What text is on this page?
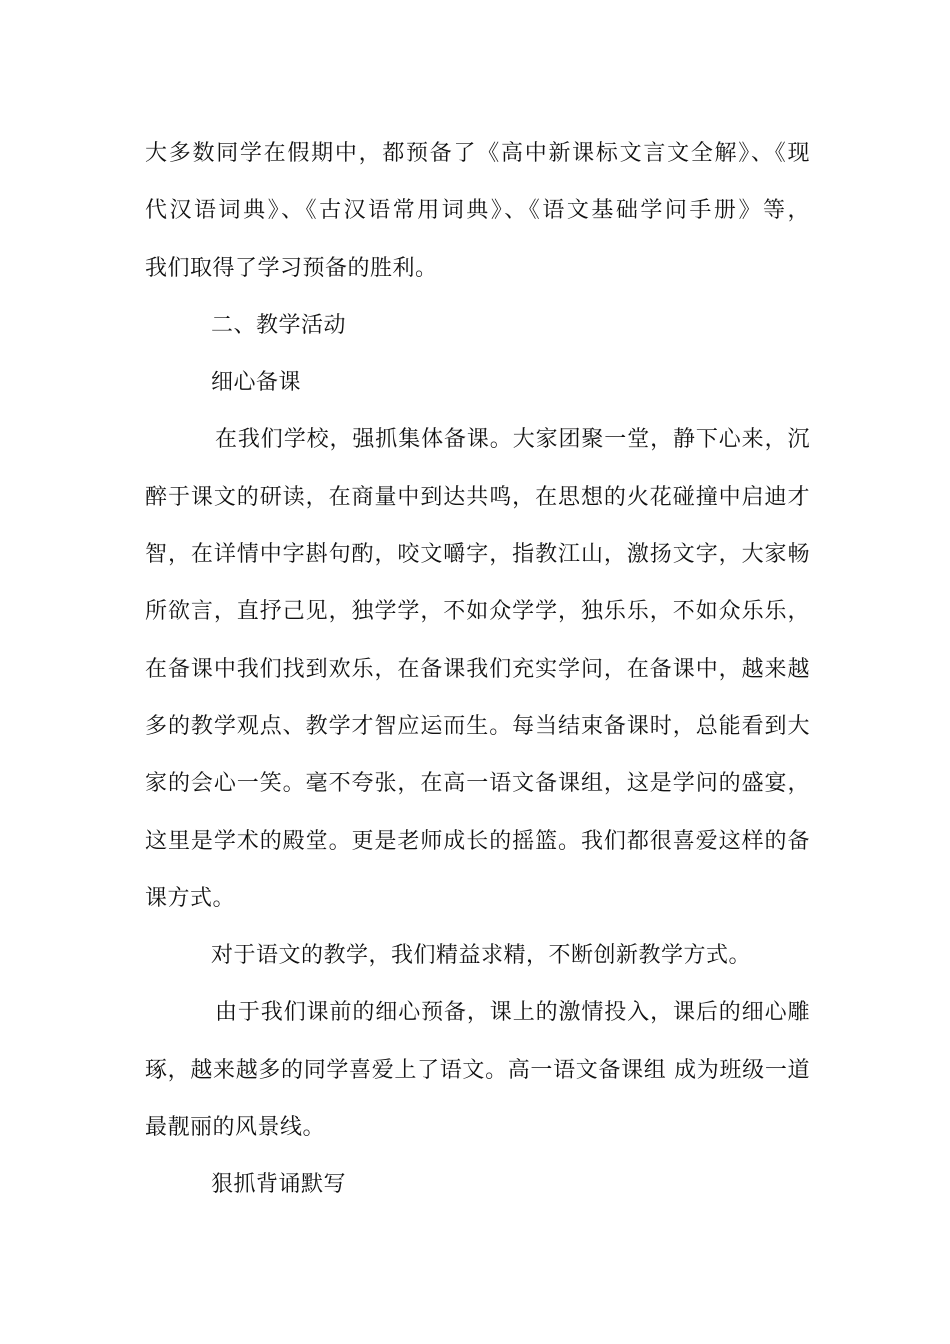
大多数同学在假期中，都预备了《高中新课标文言文全解》、《现
代汉语词典》、《古汉语常用词典》、《语文基础学问手册》等，
我们取得了学习预备的胜利。
二、教学活动
细心备课
在我们学校，强抓集体备课。大家团聚一堂，静下心来，沉
醉于课文的研读，在商量中到达共鸣，在思想的火花碰撞中启迪才
智，在详情中字斟句酌，咬文嚼字，指教江山，激扬文字，大家畅
所欲言，直抒己见，独学学，不如众学学，独乐乐，不如众乐乐，
在备课中我们找到欢乐，在备课我们充实学问，在备课中，越来越
多的教学观点、教学才智应运而生。每当结束备课时，总能看到大
家的会心一笑。毫不夸张，在高一语文备课组，这是学问的盛宴，
这里是学术的殿堂。更是老师成长的摇篮。我们都很喜爱这样的备
课方式。
对于语文的教学，我们精益求精，不断创新教学方式。
由于我们课前的细心预备，课上的激情投入，课后的细心雕
琢，越来越多的同学喜爱上了语文。高一语文备课组 成为班级一道
最靓丽的风景线。
狠抓背诵默写
